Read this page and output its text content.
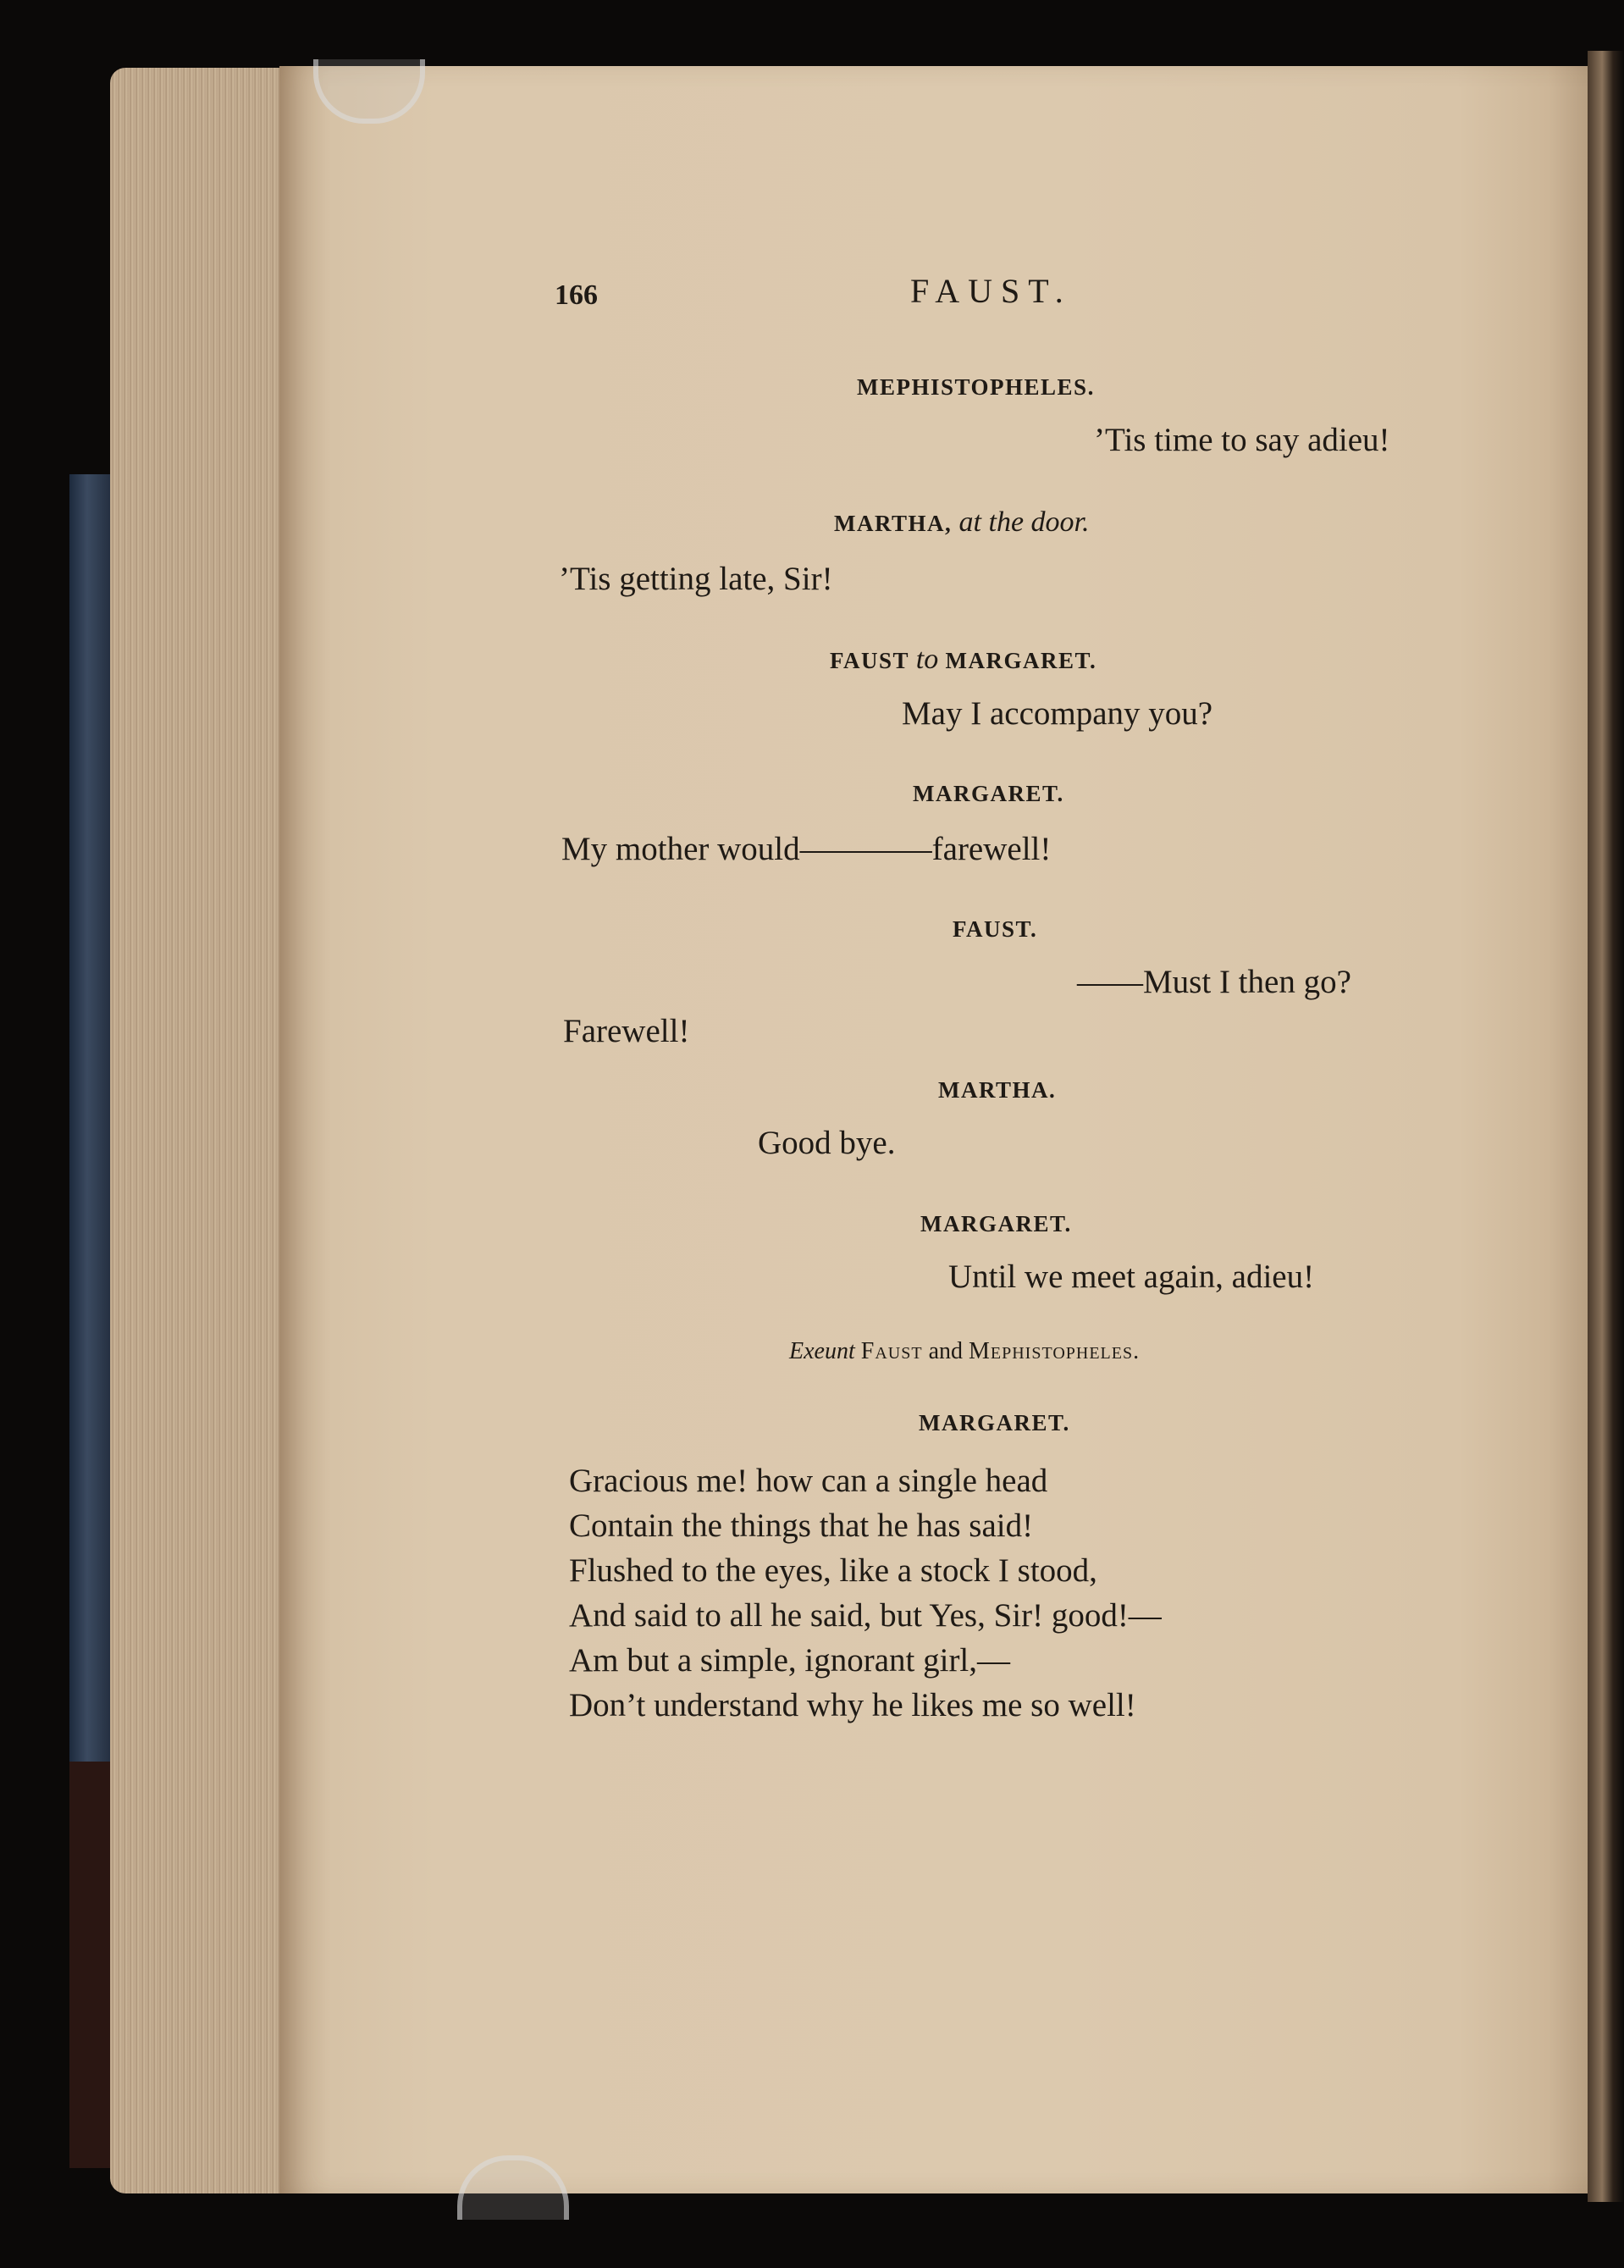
166	FAUST.
MEPHISTOPHELES.
’Tis time to say adieu!
MARTHA, at the door.
’Tis getting late, Sir!
FAUST to MARGARET.
May I accompany you?
MARGARET.
My mother would————farewell!
FAUST.
——Must I then go?
Farewell!
MARTHA.
Good bye.
MARGARET.
Until we meet again, adieu!
Exeunt Faust and Mephistopheles.
MARGARET.
Gracious me! how can a single head
Contain the things that he has said!
Flushed to the eyes, like a stock I stood,
And said to all he said, but Yes, Sir! good!—
Am but a simple, ignorant girl,—
Don’t understand why he likes me so well!
